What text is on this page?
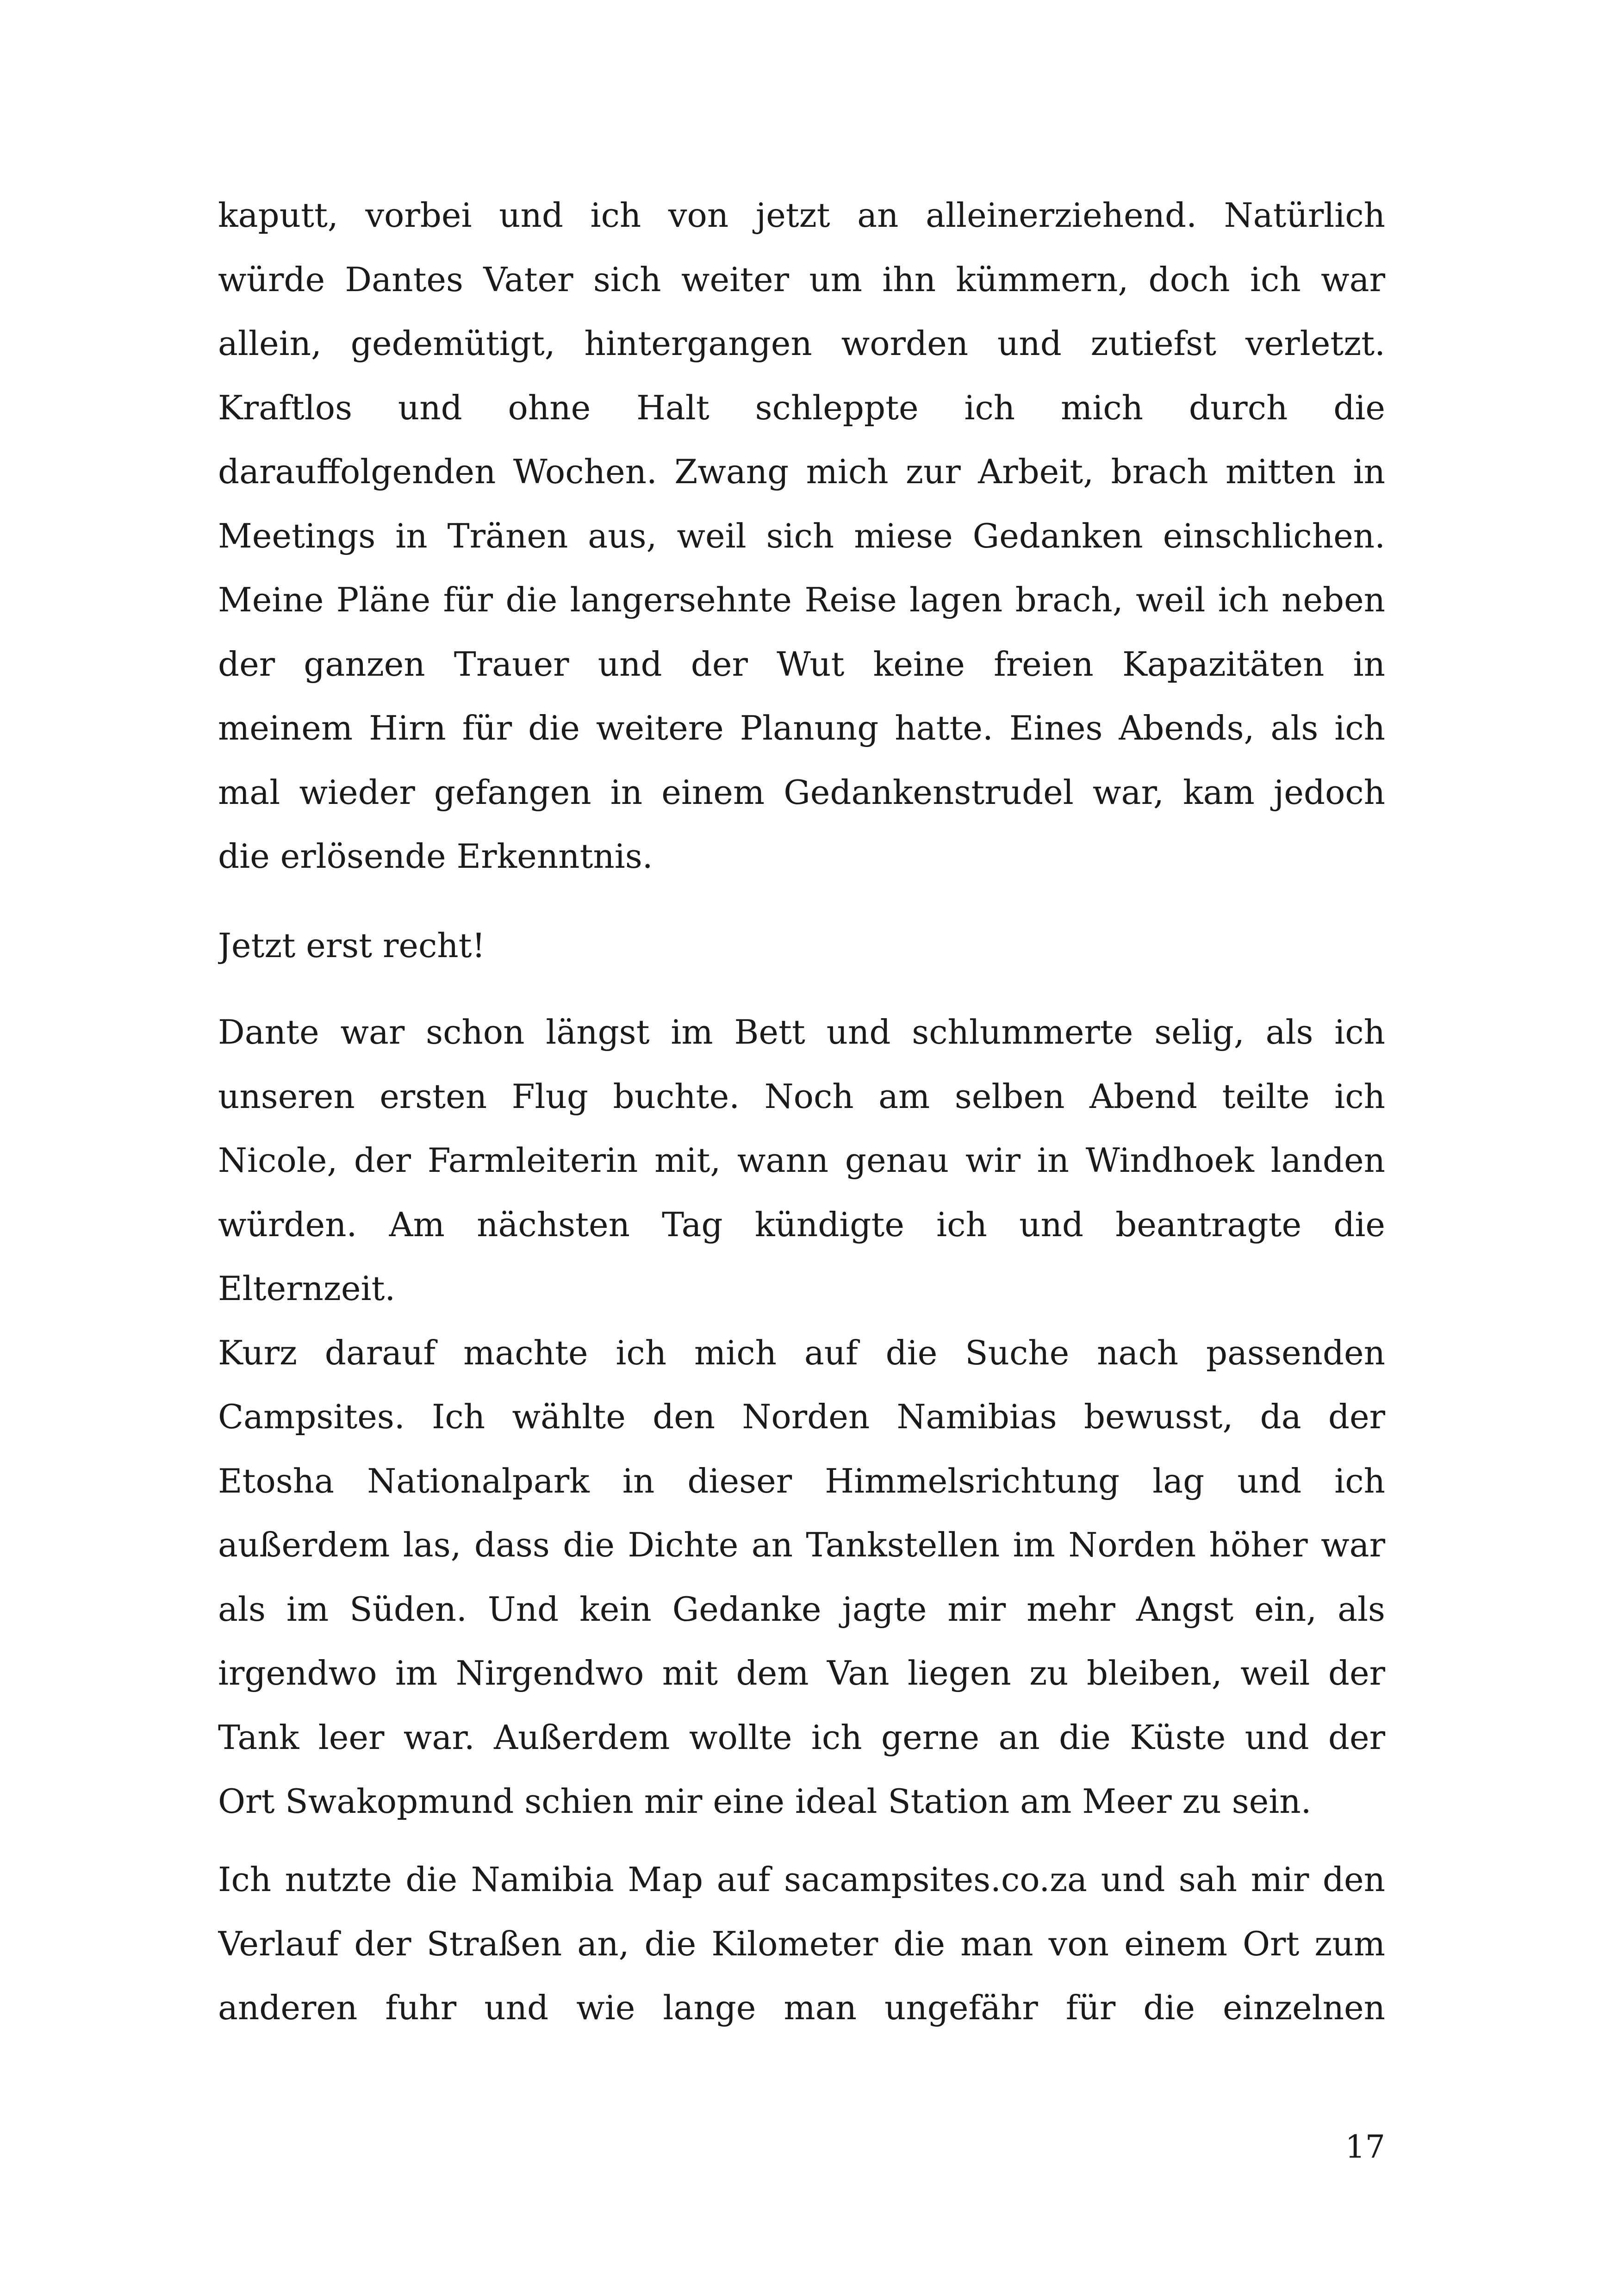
kaputt, vorbei und ich von jetzt an alleinerziehend. Natürlich
würde Dantes Vater sich weiter um ihn kümmern, doch ich war
allein, gedemütigt, hintergangen worden und zutiefst verletzt.
Kraftlos und ohne Halt schleppte ich mich durch die
darauffolgenden Wochen. Zwang mich zur Arbeit, brach mitten in
Meetings in Tränen aus, weil sich miese Gedanken einschlichen.
Meine Pläne für die langersehnte Reise lagen brach, weil ich neben
der ganzen Trauer und der Wut keine freien Kapazitäten in
meinem Hirn für die weitere Planung hatte. Eines Abends, als ich
mal wieder gefangen in einem Gedankenstrudel war, kam jedoch
die erlösende Erkenntnis.
Jetzt erst recht!
Dante war schon längst im Bett und schlummerte selig, als ich
unseren ersten Flug buchte. Noch am selben Abend teilte ich
Nicole, der Farmleiterin mit, wann genau wir in Windhoek landen
würden. Am nächsten Tag kündigte ich und beantragte die
Elternzeit.
Kurz darauf machte ich mich auf die Suche nach passenden
Campsites. Ich wählte den Norden Namibias bewusst, da der
Etosha Nationalpark in dieser Himmelsrichtung lag und ich
außerdem las, dass die Dichte an Tankstellen im Norden höher war
als im Süden. Und kein Gedanke jagte mir mehr Angst ein, als
irgendwo im Nirgendwo mit dem Van liegen zu bleiben, weil der
Tank leer war. Außerdem wollte ich gerne an die Küste und der
Ort Swakopmund schien mir eine ideal Station am Meer zu sein.
Ich nutzte die Namibia Map auf sacampsites.co.za und sah mir den
Verlauf der Straßen an, die Kilometer die man von einem Ort zum
anderen fuhr und wie lange man ungefähr für die einzelnen
17
